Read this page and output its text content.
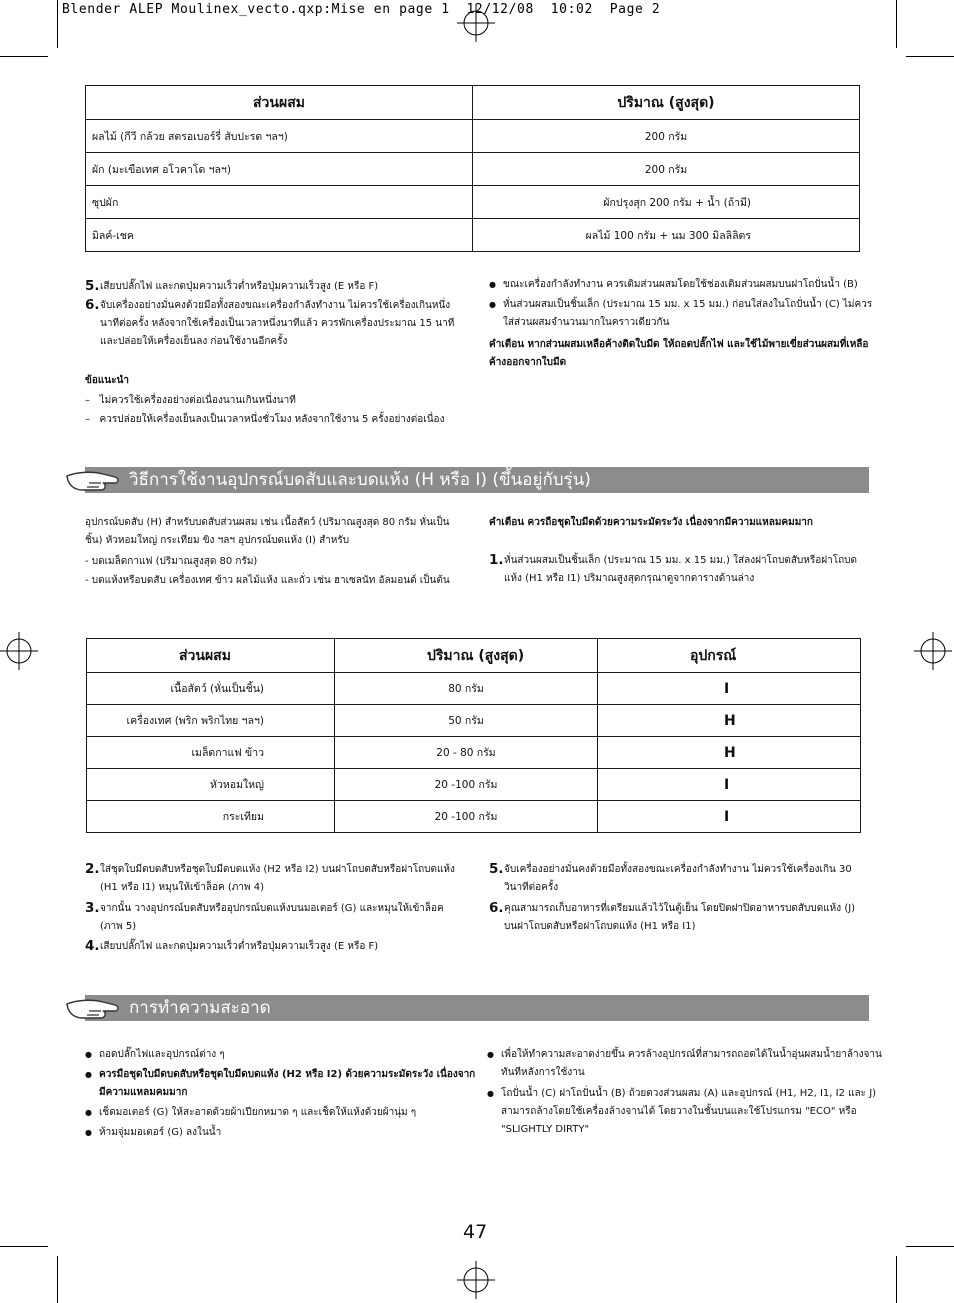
Blender ALEP Moulinex_vecto.qxp:Mise en page 1  12/12/08  10:02  Page 2
ส่วนผสม	ปริมาณ (สูงสุด)
ผลไม้ (กีวี กล้วย สตรอเบอร์รี่ สับปะรด ฯลฯ)	200 กรัม
ผัก (มะเขือเทศ อโวคาโด ฯลฯ)	200 กรัม
ซุปผัก	ผักปรุงสุก 200 กรัม + น้ำ (ถ้ามี)
มิลค์-เชค	ผลไม้ 100 กรัม + นม 300 มิลลิลิตร
5. เสียบปลั๊กไฟ และกดปุ่มความเร็วต่ำหรือปุ่มความเร็วสูง (E หรือ F)
6. จับเครื่องอย่างมั่นคงด้วยมือทั้งสองขณะเครื่องกำลังทำงาน ไม่ควรใช้เครื่องเกินหนึ่งนาทีต่อครั้ง หลังจากใช้เครื่องเป็นเวลาหนึ่งนาทีแล้ว ควรพักเครื่องประมาณ 15 นาที และปล่อยให้เครื่องเย็นลง ก่อนใช้งานอีกครั้ง
ข้อแนะนำ
–   ไม่ควรใช้เครื่องอย่างต่อเนื่องนานเกินหนึ่งนาที
–   ควรปล่อยให้เครื่องเย็นลงเป็นเวลาหนึ่งชั่วโมง หลังจากใช้งาน 5 ครั้งอย่างต่อเนื่อง
● ขณะเครื่องกำลังทำงาน ควรเติมส่วนผสมโดยใช้ช่องเติมส่วนผสมบนฝาโถปั่นน้ำ (B)
● หั่นส่วนผสมเป็นชิ้นเล็ก (ประมาณ 15 มม. x 15 มม.) ก่อนใส่ลงในโถปั่นน้ำ (C) ไม่ควรใส่ส่วนผสมจำนวนมากในคราวเดียวกัน
คำเตือน หากส่วนผสมเหลือค้างติดใบมีด ให้ถอดปลั๊กไฟ และใช้ไม้พายเขี่ยส่วนผสมที่เหลือค้างออกจากใบมีด
วิธีการใช้งานอุปกรณ์บดสับและบดแห้ง (H หรือ I) (ขึ้นอยู่กับรุ่น)
อุปกรณ์บดสับ (H) สำหรับบดสับส่วนผสม เช่น เนื้อสัตว์ (ปริมาณสูงสุด 80 กรัม หั่นเป็นชิ้น) หัวหอมใหญ่ กระเทียม ขิง ฯลฯ อุปกรณ์บดแห้ง (I) สำหรับ
- บดเมล็ดกาแฟ (ปริมาณสูงสุด 80 กรัม)
- บดแห้งหรือบดสับ เครื่องเทศ ข้าว ผลไม้แห้ง และถั่ว เช่น ฮาเซลนัท อัลมอนด์ เป็นต้น
คำเตือน ควรถือชุดใบมีดด้วยความระมัดระวัง เนื่องจากมีความแหลมคมมาก
1. หั่นส่วนผสมเป็นชิ้นเล็ก (ประมาณ 15 มม. x 15 มม.) ใส่ลงฝาโถบดสับหรือฝาโถบดแห้ง (H1 หรือ I1) ปริมาณสูงสุดกรุณาดูจากตารางด้านล่าง
ส่วนผสม	ปริมาณ (สูงสุด)	อุปกรณ์
เนื้อสัตว์ (หั่นเป็นชิ้น)	80 กรัม	I
เครื่องเทศ (พริก พริกไทย ฯลฯ)	50 กรัม	H
เมล็ดกาแฟ ข้าว	20 - 80 กรัม	H
หัวหอมใหญ่	20 -100 กรัม	I
กระเทียม	20 -100 กรัม	I
2. ใส่ชุดใบมีดบดสับหรือชุดใบมีดบดแห้ง (H2 หรือ I2) บนฝาโถบดสับหรือฝาโถบดแห้ง (H1 หรือ I1) หมุนให้เข้าล็อค (ภาพ 4)
3. จากนั้น วางอุปกรณ์บดสับหรืออุปกรณ์บดแห้งบนมอเตอร์ (G) และหมุนให้เข้าล็อค (ภาพ 5)
4. เสียบปลั๊กไฟ และกดปุ่มความเร็วต่ำหรือปุ่มความเร็วสูง (E หรือ F)
5. จับเครื่องอย่างมั่นคงด้วยมือทั้งสองขณะเครื่องกำลังทำงาน ไม่ควรใช้เครื่องเกิน 30 วินาทีต่อครั้ง
6. คุณสามารถเก็บอาหารที่เตรียมแล้วไว้ในตู้เย็น โดยปิดฝาปิดอาหารบดสับบดแห้ง (J) บนฝาโถบดสับหรือฝาโถบดแห้ง (H1 หรือ I1)
การทำความสะอาด
● ถอดปลั๊กไฟและอุปกรณ์ต่าง ๆ
● ควรมือชุดใบมีดบดสับหรือชุดใบมีดบดแห้ง (H2 หรือ I2) ด้วยความระมัดระวัง เนื่องจากมีความแหลมคมมาก
● เช็ดมอเตอร์ (G) ให้สะอาดด้วยผ้าเปียกหมาด ๆ และเช็ดให้แห้งด้วยผ้านุ่ม ๆ
● ห้ามจุ่มมอเตอร์ (G) ลงในน้ำ
● เพื่อให้ทำความสะอาดง่ายขึ้น ควรล้างอุปกรณ์ที่สามารถถอดได้ในน้ำอุ่นผสมน้ำยาล้างจานทันทีหลังการใช้งาน
● โถปั่นน้ำ (C) ฝาโถปั่นน้ำ (B) ถ้วยตวงส่วนผสม (A) และอุปกรณ์ (H1, H2, I1, I2 และ J) สามารถล้างโดยใช้เครื่องล้างจานได้ โดยวางในชั้นบนและใช้โปรแกรม "ECO" หรือ "SLIGHTLY DIRTY"
47
